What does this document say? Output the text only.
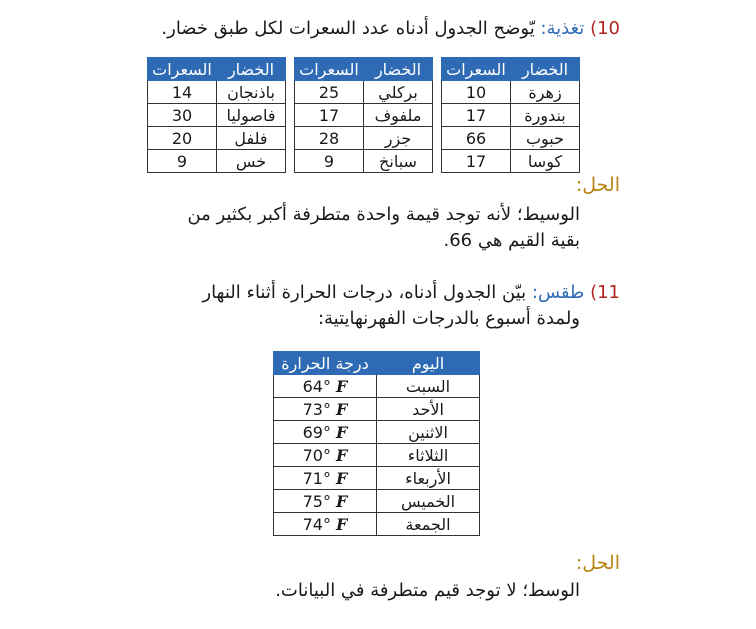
10) تغذية: يّوضح الجدول أدناه عدد السعرات لكل طبق خضار.
الخضار	السعرات		الخضار	السعرات		الخضار	السعرات
زهرة	10		بركلي	25		باذنجان	14
بندورة	17		ملفوف	17		فاصوليا	30
حبوب	66		جزر	28		فلفل	20
كوسا	17		سبانخ	9		خس	9
الحل:
الوسيط؛ لأنه توجد قيمة واحدة متطرفة أكبر بكثير من
بقية القيم هي 66.
11) طقس: بيّن الجدول أدناه، درجات الحرارة أثناء النهار
ولمدة أسبوع بالدرجات الفهرنهايتية:
اليوم	درجة الحرارة
السبت	64° F
الأحد	73° F
الاثنين	69° F
الثلاثاء	70° F
الأربعاء	71° F
الخميس	75° F
الجمعة	74° F
الحل:
الوسط؛ لا توجد قيم متطرفة في البيانات.
